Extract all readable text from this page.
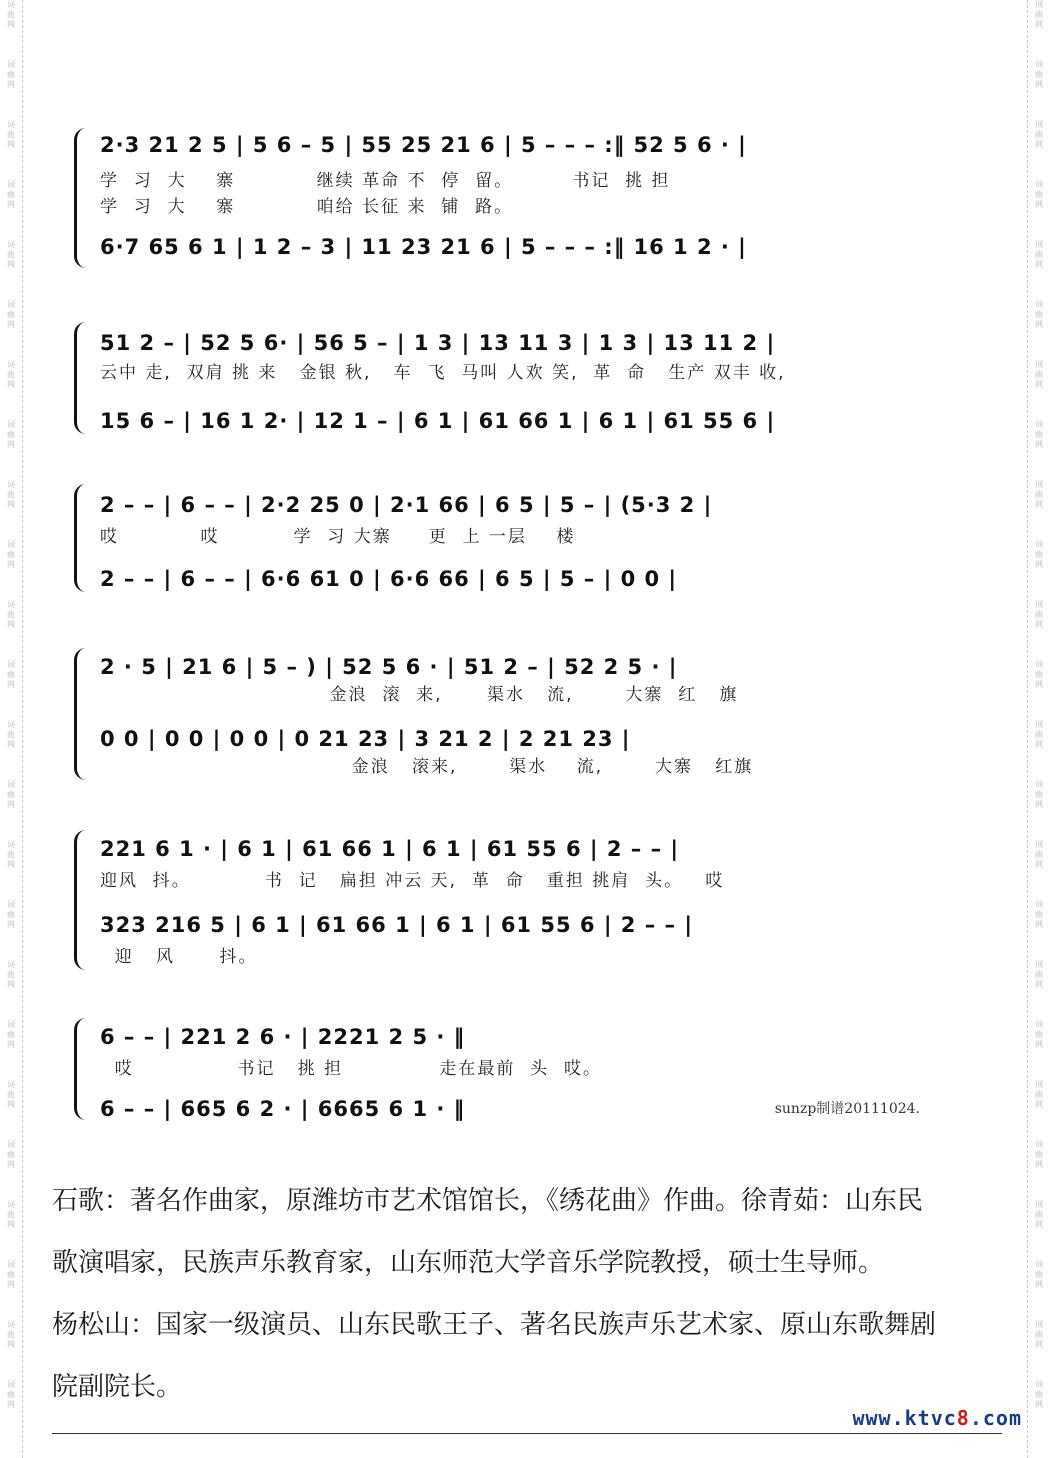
词曲网
词曲网
词曲网
词曲网
词曲网
词曲网
词曲网
词曲网
词曲网
词曲网
词曲网
词曲网
词曲网
词曲网
词曲网
词曲网
词曲网
词曲网
词曲网
词曲网
词曲网
词曲网
词曲网
词曲网
词曲网
词曲网
词曲网
词曲网
词曲网
词曲网
词曲网
词曲网
词曲网
词曲网
词曲网
词曲网
词曲网
词曲网
词曲网
词曲网
词曲网
词曲网
词曲网
词曲网
词曲网
词曲网
词曲网
词曲网
2·3 21 2 5 | 5 6 – 5 | 55 25 21 6 | 5 – – – :‖ 52 5 6 · |
学  习  大    寨           继续 革命 不  停  留。        书记  挑 担
学  习  大    寨           咱给 长征 来  铺  路。
6·7 65 6 1 | 1 2 – 3 | 11 23 21 6 | 5 – – – :‖ 16 1 2 · |
51 2 – | 52 5 6· | 56 5 – | 1 3 | 13 11 3 | 1 3 | 13 11 2 |
云中 走,  双肩 挑 来   金银 秋,   车  飞  马叫 人欢 笑,  革  命   生产 双丰 收,
15 6 – | 16 1 2· | 12 1 – | 6 1 | 61 66 1 | 6 1 | 61 55 6 |
2 – – | 6 – – | 2·2 25 0 | 2·1 66 | 6 5 | 5 – | (5·3 2 |
哎           哎          学  习 大寨     更  上 一层    楼
2 – – | 6 – – | 6·6 61 0 | 6·6 66 | 6 5 | 5 – | 0 0 |
2 · 5 | 21 6 | 5 – ) | 52 5 6 · | 51 2 – | 52 2 5 · |
金浪  滚  来,      渠水   流,       大寨  红   旗
0 0 | 0 0 | 0 0 | 0 21 23 | 3 21 2 | 2 21 23 |
金浪   滚来,       渠水    流,       大寨   红旗
221 6 1 · | 6 1 | 61 66 1 | 6 1 | 61 55 6 | 2 – – |
迎风  抖。          书  记   扁担 冲云 天,  革  命   重担 挑肩  头。   哎
323 216 5 | 6 1 | 61 66 1 | 6 1 | 61 55 6 | 2 – – |
迎   风      抖。
6 – – | 221 2 6 · | 2221 2 5 · ‖
哎              书记   挑 担             走在最前  头  哎。
6 – – | 665 6 2 · | 6665 6 1 · ‖	sunzp制谱20111024.
石歌：著名作曲家，原潍坊市艺术馆馆长，《绣花曲》作曲。徐青茹：山东民
歌演唱家，民族声乐教育家，山东师范大学音乐学院教授，硕士生导师。
杨松山：国家一级演员、山东民歌王子、著名民族声乐艺术家、原山东歌舞剧
院副院长。
www.ktvc8.com
